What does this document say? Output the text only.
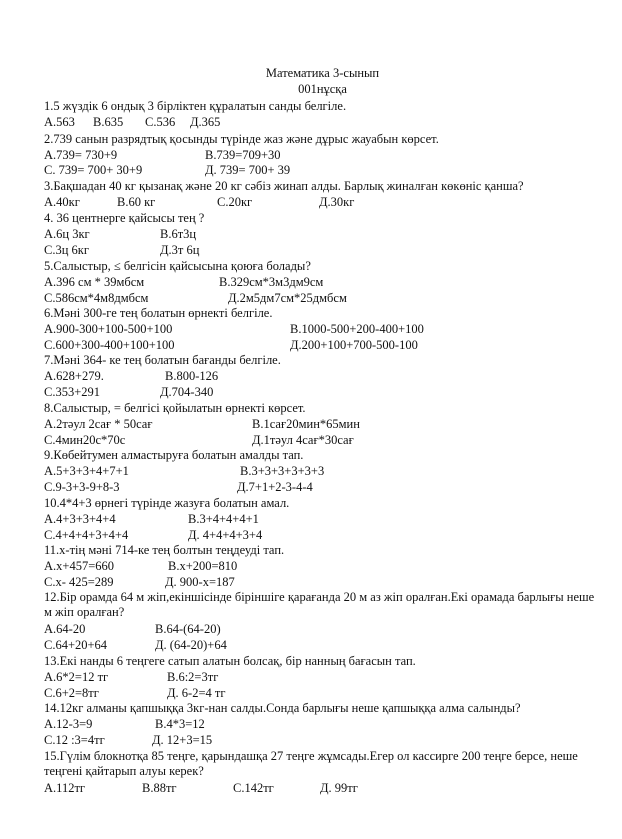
Математика 3-сынып
001нұсқа
1.5 жүздік 6 ондық 3 бірліктен құралатын санды белгіле.
А.563 В.635 С.536 Д.365
2.739 санын разрядтық қосынды түрінде жаз және дұрыс жауабын көрсет.
А.739= 730+9	В.739=709+30
С. 739= 700+ 30+9	Д. 739= 700+ 39
3.Бақшадан 40 кг қызанақ және 20 кг сәбіз жинап алды. Барлық жиналған көкөніс қанша?
А.40кг	В.60 кг	С.20кг	Д.30кг
4. 36 центнерге қайсысы тең ?
А.6ц 3кг	В.6т3ц
С.3ц 6кг	Д.3т 6ц
5.Салыстыр, ≤ белгісін қайсысына қоюға болады?
А.396 см * 39мбсм	В.329см*3м3дм9см
С.586см*4м8дмбсм	Д.2м5дм7см*25дмбсм
6.Мәні 300-ге тең болатын өрнекті белгіле.
А.900-300+100-500+100	В.1000-500+200-400+100
С.600+300-400+100+100	Д.200+100+700-500-100
7.Мәні 364- ке тең болатын бағанды белгіле.
А.628+279.	В.800-126
С.353+291	Д.704-340
8.Салыстыр, = белгісі қойылатын өрнекті көрсет.
А.2тәул 2сағ * 50сағ	В.1сағ20мин*65мин
С.4мин20с*70с	Д.1тәул 4сағ*30сағ
9.Көбейтумен алмастыруға болатын амалды тап.
А.5+3+3+4+7+1	В.3+3+3+3+3+3
С.9-3+3-9+8-3	Д.7+1+2-3-4-4
10.4*4+3 өрнегі түрінде жазуға болатын амал.
А.4+3+3+4+4	В.3+4+4+4+1
С.4+4+4+3+4+4	Д. 4+4+4+3+4
11.х-тің мәні 714-ке тең болтын теңдеуді тап.
А.х+457=660	В.х+200=810
С.х- 425=289	Д. 900-х=187
12.Бір орамда 64 м жіп,екіншісінде біріншіге қарағанда 20 м аз жіп оралған.Екі орамада барлығы неше м жіп оралған?
А.64-20	В.64-(64-20)
С.64+20+64	Д. (64-20)+64
13.Екі нанды 6 теңгеге сатып алатын болсақ, бір нанның бағасын тап.
А.6*2=12 тг	В.6:2=3тг
С.6+2=8тг	Д. 6-2=4 тг
14.12кг алманы қапшыққа 3кг-нан салды.Сонда барлығы неше қапшыққа алма салынды?
А.12-3=9	В.4*3=12
С.12 :3=4тг	Д. 12+3=15
15.Гүлім блокнотқа 85 теңге, қарындашқа 27 теңге жұмсады.Егер ол кассирге 200 теңге берсе, неше теңгені қайтарып алуы керек?
А.112тг	В.88тг	С.142тг	Д. 99тг
